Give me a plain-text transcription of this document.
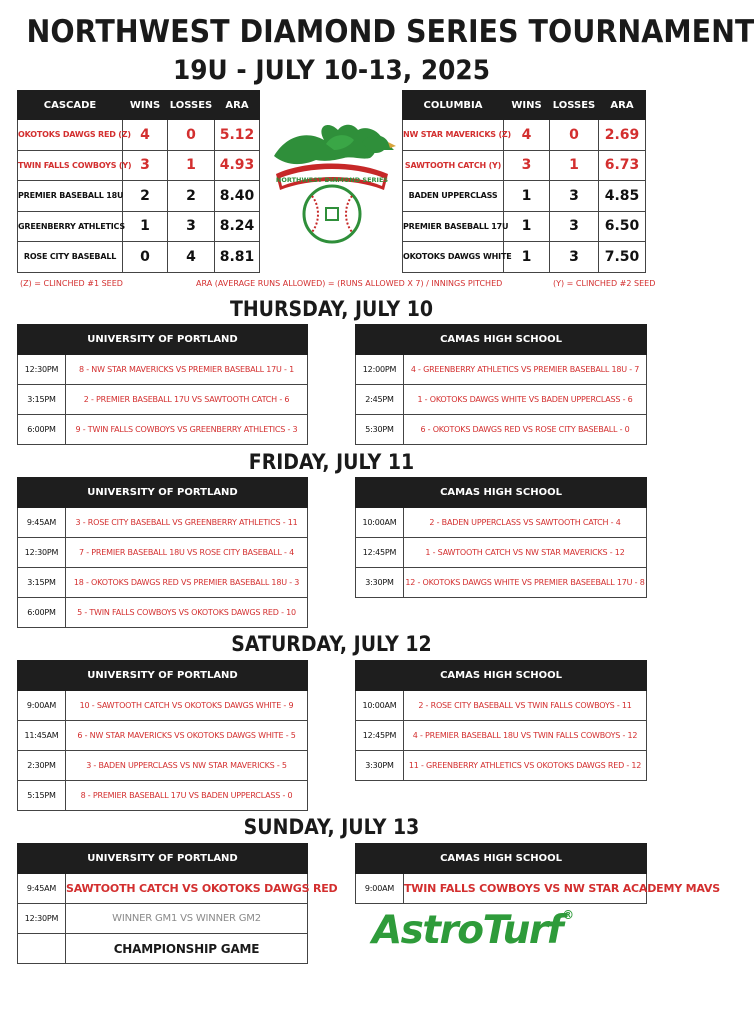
NORTHWEST DIAMOND SERIES TOURNAMENT
19U - JULY 10-13, 2025
CASCADE	WINS	LOSSES	ARA
OKOTOKS DAWGS RED (Z)	4	0	5.12
TWIN FALLS COWBOYS (Y)	3	1	4.93
PREMIER BASEBALL 18U	2	2	8.40
GREENBERRY ATHLETICS	1	3	8.24
ROSE CITY BASEBALL	0	4	8.81
NORTHWEST DIAMOND SERIES
COLUMBIA	WINS	LOSSES	ARA
NW STAR MAVERICKS (Z)	4	0	2.69
SAWTOOTH CATCH (Y)	3	1	6.73
BADEN UPPERCLASS	1	3	4.85
PREMIER BASEBALL 17U	1	3	6.50
OKOTOKS DAWGS WHITE	1	3	7.50
(Z) = CLINCHED #1 SEED	ARA (AVERAGE RUNS ALLOWED) = (RUNS ALLOWED X 7) / INNINGS PITCHED	(Y) = CLINCHED #2 SEED
THURSDAY, JULY 10
UNIVERSITY OF PORTLAND	
12:30PM	8 - NW STAR MAVERICKS VS PREMIER BASEBALL 17U - 1
3:15PM	2 - PREMIER BASEBALL 17U VS SAWTOOTH CATCH - 6
6:00PM	9 - TWIN FALLS COWBOYS VS GREENBERRY ATHLETICS - 3
CAMAS HIGH SCHOOL	
12:00PM	4 - GREENBERRY ATHLETICS VS PREMIER BASEBALL 18U - 7
2:45PM	1 - OKOTOKS DAWGS WHITE VS BADEN UPPERCLASS - 6
5:30PM	6 - OKOTOKS DAWGS RED VS ROSE CITY BASEBALL - 0
FRIDAY, JULY 11
UNIVERSITY OF PORTLAND	
9:45AM	3 - ROSE CITY BASEBALL VS GREENBERRY ATHLETICS - 11
12:30PM	7 - PREMIER BASEBALL 18U VS ROSE CITY BASEBALL - 4
3:15PM	18 - OKOTOKS DAWGS RED VS PREMIER BASEBALL 18U - 3
6:00PM	5 - TWIN FALLS COWBOYS VS OKOTOKS DAWGS RED - 10
CAMAS HIGH SCHOOL	
10:00AM	2 - BADEN UPPERCLASS VS SAWTOOTH CATCH - 4
12:45PM	1 - SAWTOOTH CATCH VS NW STAR MAVERICKS - 12
3:30PM	12 - OKOTOKS DAWGS WHITE VS PREMIER BASEEBALL 17U - 8
SATURDAY, JULY 12
UNIVERSITY OF PORTLAND	
9:00AM	10 - SAWTOOTH CATCH VS OKOTOKS DAWGS WHITE - 9
11:45AM	6 - NW STAR MAVERICKS VS OKOTOKS DAWGS WHITE - 5
2:30PM	3 - BADEN UPPERCLASS VS NW STAR MAVERICKS - 5
5:15PM	8 - PREMIER BASEBALL 17U VS BADEN UPPERCLASS - 0
CAMAS HIGH SCHOOL	
10:00AM	2 - ROSE CITY BASEBALL VS TWIN FALLS COWBOYS - 11
12:45PM	4 - PREMIER BASEBALL 18U VS TWIN FALLS COWBOYS - 12
3:30PM	11 - GREENBERRY ATHLETICS VS OKOTOKS DAWGS RED - 12
SUNDAY, JULY 13
UNIVERSITY OF PORTLAND	
9:45AM	SAWTOOTH CATCH VS OKOTOKS DAWGS RED
12:30PM	WINNER GM1 VS WINNER GM2
	CHAMPIONSHIP GAME
CAMAS HIGH SCHOOL
9:00AM	TWIN FALLS COWBOYS VS NW STAR ACADEMY MAVS
AstroTurf®
